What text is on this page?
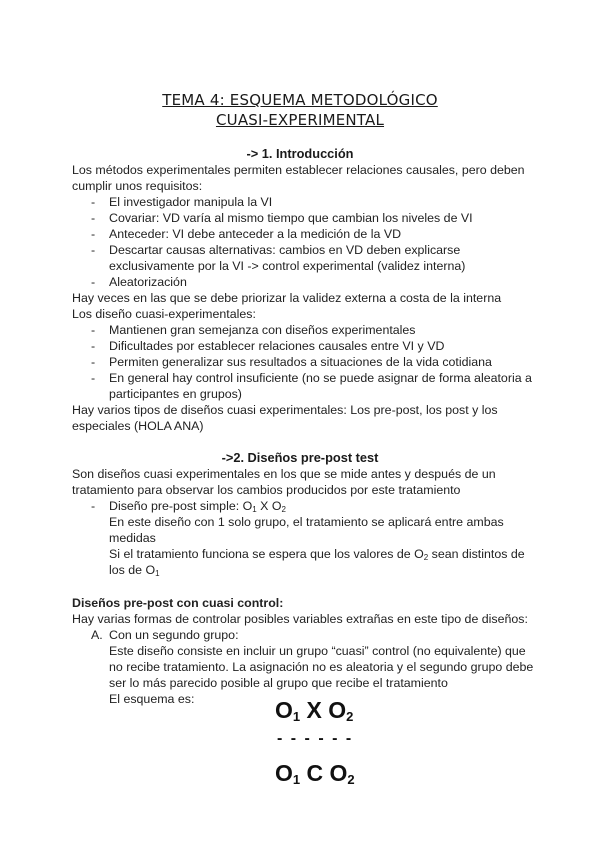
TEMA 4: ESQUEMA METODOLÓGICO
CUASI-EXPERIMENTAL
-> 1. Introducción
Los métodos experimentales permiten establecer relaciones causales, pero deben
cumplir unos requisitos:
- El investigador manipula la VI
- Covariar: VD varía al mismo tiempo que cambian los niveles de VI
- Anteceder: VI debe anteceder a la medición de la VD
- Descartar causas alternativas: cambios en VD deben explicarse
exclusivamente por la VI -> control experimental (validez interna)
- Aleatorización
Hay veces en las que se debe priorizar la validez externa a costa de la interna
Los diseño cuasi-experimentales:
- Mantienen gran semejanza con diseños experimentales
- Dificultades por establecer relaciones causales entre VI y VD
- Permiten generalizar sus resultados a situaciones de la vida cotidiana
- En general hay control insuficiente (no se puede asignar de forma aleatoria a
participantes en grupos)
Hay varios tipos de diseños cuasi experimentales: Los pre-post, los post y los
especiales (HOLA ANA)
->2. Diseños pre-post test
Son diseños cuasi experimentales en los que se mide antes y después de un
tratamiento para observar los cambios producidos por este tratamiento
- Diseño pre-post simple: $O_1$ X $O_2$
En este diseño con 1 solo grupo, el tratamiento se aplicará entre ambas
medidas
Si el tratamiento funciona se espera que los valores de $O_2$ sean distintos de
los de $O_1$
Diseños pre-post con cuasi control:
Hay varias formas de controlar posibles variables extrañas en este tipo de diseños:
A. Con un segundo grupo:
Este diseño consiste en incluir un grupo “cuasi” control (no equivalente) que
no recibe tratamiento. La asignación no es aleatoria y el segundo grupo debe
ser lo más parecido posible al grupo que recibe el tratamiento
El esquema es:	O1 X O2
- - - - - -
O1 C O2
